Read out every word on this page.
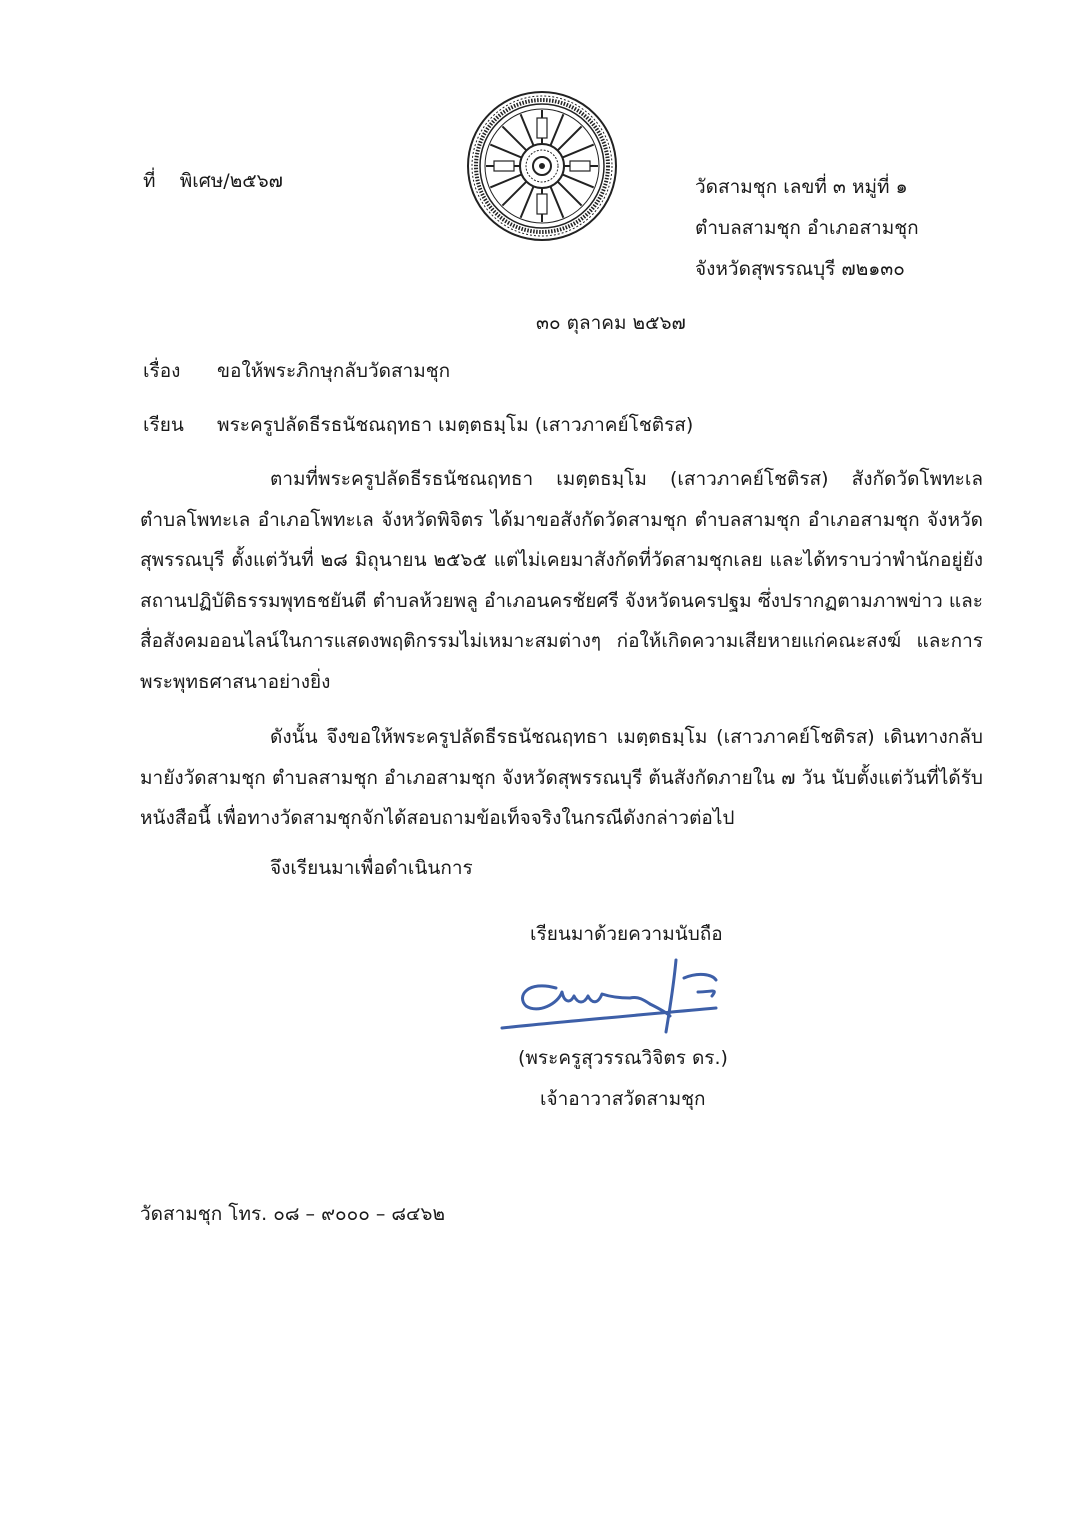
ที่ พิเศษ/๒๕๖๗	วัดสามชุก เลขที่ ๓ หมู่ที่ ๑
ตำบลสามชุก อำเภอสามชุก
จังหวัดสุพรรณบุรี ๗๒๑๓๐
๓๐ ตุลาคม ๒๕๖๗
เรื่อง ขอให้พระภิกษุกลับวัดสามชุก
เรียน พระครูปลัดธีรธนัชณฤทธา เมตฺตธมฺโม (เสาวภาคย์โชติรส)
ตามที่พระครูปลัดธีรธนัชณฤทธา เมตฺตธมฺโม (เสาวภาคย์โชติรส) สังกัดวัดโพทะเล ตำบลโพทะเล อำเภอโพทะเล จังหวัดพิจิตร ได้มาขอสังกัดวัดสามชุก ตำบลสามชุก อำเภอสามชุก จังหวัดสุพรรณบุรี ตั้งแต่วันที่ ๒๘ มิถุนายน ๒๕๖๕ แต่ไม่เคยมาสังกัดที่วัดสามชุกเลย และได้ทราบว่าพำนักอยู่ยังสถานปฏิบัติธรรมพุทธชยันตี ตำบลห้วยพลู อำเภอนครชัยศรี จังหวัดนครปฐม ซึ่งปรากฏตามภาพข่าว และสื่อสังคมออนไลน์ในการแสดงพฤติกรรมไม่เหมาะสมต่างๆ ก่อให้เกิดความเสียหายแก่คณะสงฆ์ และการพระพุทธศาสนาอย่างยิ่ง
ดังนั้น จึงขอให้พระครูปลัดธีรธนัชณฤทธา เมตฺตธมฺโม (เสาวภาคย์โชติรส) เดินทางกลับมายังวัดสามชุก ตำบลสามชุก อำเภอสามชุก จังหวัดสุพรรณบุรี ต้นสังกัดภายใน ๗ วัน นับตั้งแต่วันที่ได้รับหนังสือนี้ เพื่อทางวัดสามชุกจักได้สอบถามข้อเท็จจริงในกรณีดังกล่าวต่อไป
จึงเรียนมาเพื่อดำเนินการ
เรียนมาด้วยความนับถือ
(พระครูสุวรรณวิจิตร ดร.)
เจ้าอาวาสวัดสามชุก
วัดสามชุก โทร. ๐๘ – ๙๐๐๐ – ๘๔๖๒
